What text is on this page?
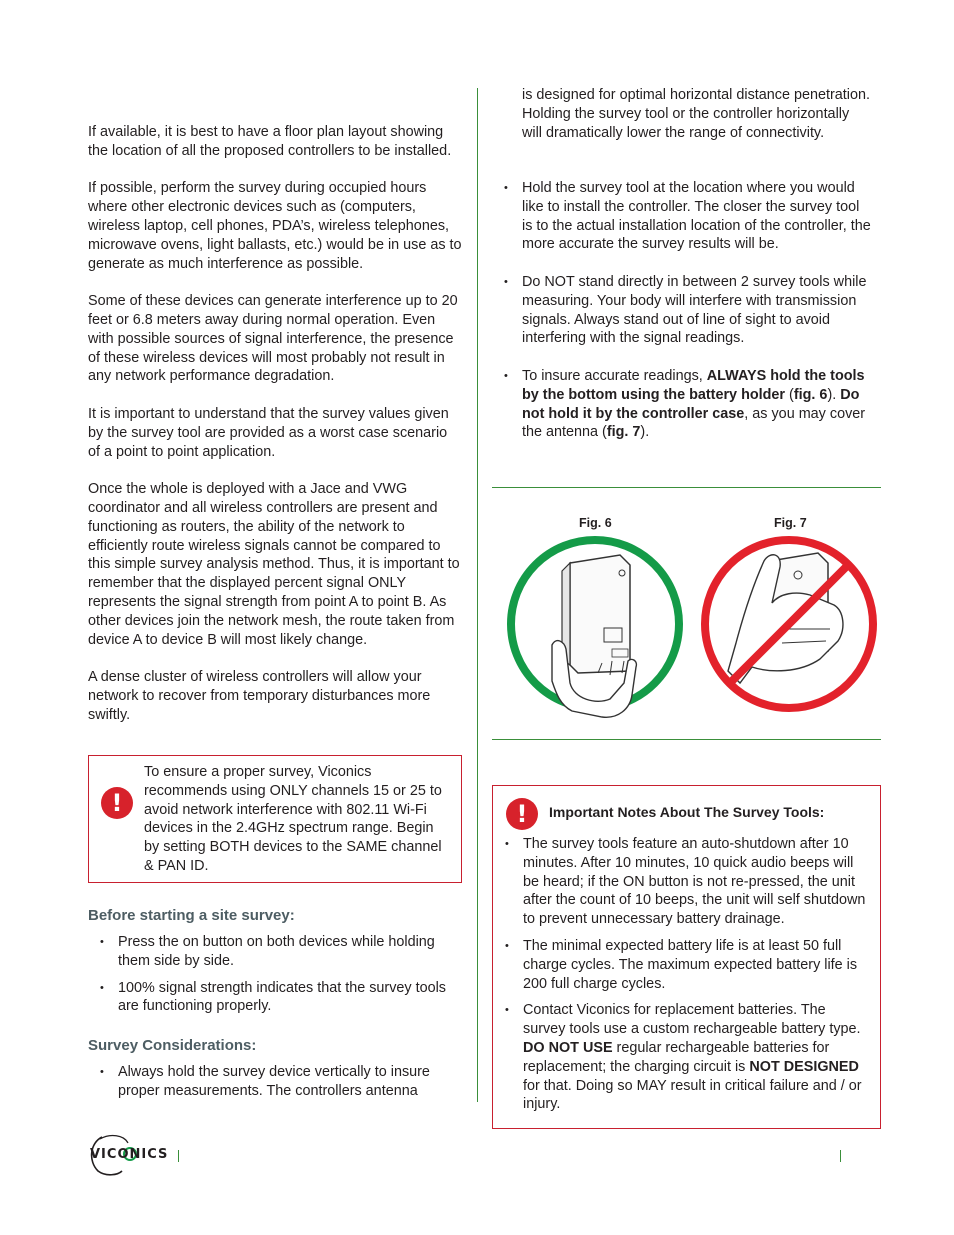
If available, it is best to have a floor plan layout showing the location of all the proposed controllers to be installed.

If possible, perform the survey during occupied hours where other electronic devices such as (computers, wireless laptop, cell phones, PDA’s, wireless telephones, microwave ovens, light ballasts, etc.) would be in use as to generate as much interference as possible.

Some of these devices can generate interference up to 20 feet or 6.8 meters away during normal operation. Even with possible sources of signal interference, the presence of these wireless devices will most probably not result in any network performance degradation.

It is important to understand that the survey values given by the survey tool are provided as a worst case scenario of a point to point application.

Once the whole is deployed with a Jace and VWG coordinator and all wireless controllers are present and functioning as routers, the ability of the network to efficiently route wireless signals cannot be compared to this simple survey analysis method. Thus, it is important to remember that the displayed percent signal ONLY represents the signal strength from point A to point B. As other devices join the network mesh, the route taken from device A to device B will most likely change.

A dense cluster of wireless controllers will allow your network to recover from temporary disturbances more swiftly.

!

To ensure a proper survey, Viconics recommends using ONLY channels 15 or 25 to avoid network interference with 802.11 Wi-Fi devices in the 2.4GHz spectrum range. Begin by setting BOTH devices to the SAME channel & PAN ID.

Before starting a site survey:
• Press the on button on both devices while holding them side by side.
• 100% signal strength indicates that the survey tools are functioning properly.
Survey Considerations:
• Always hold the survey device vertically to insure proper measurements. The controllers antenna

is designed for optimal horizontal distance penetration. Holding the survey tool or the controller horizontally will dramatically lower the range of connectivity.

• Hold the survey tool at the location where you would like to install the controller. The closer the survey tool is to the actual installation location of the controller, the more accurate the survey results will be.
• Do NOT stand directly in between 2 survey tools while measuring. Your body will interfere with transmission signals. Always stand out of line of sight to avoid interfering with the signal readings.
• To insure accurate readings, ALWAYS hold the tools by the bottom using the battery holder (fig. 6). Do not hold it by the controller case, as you may cover the antenna (fig. 7).
Fig. 6	Fig. 7
!	Important Notes About The Survey Tools:
• The survey tools feature an auto-shutdown after 10 minutes. After 10 minutes, 10 quick audio beeps will be heard; if the ON button is not re-pressed, the unit after the count of 10 beeps, the unit will self shutdown to prevent unnecessary battery drainage.
• The minimal expected battery life is at least 50 full charge cycles. The maximum expected battery life is 200 full charge cycles.
• Contact Viconics for replacement batteries. The survey tools use a custom rechargeable battery type. DO NOT USE regular rechargeable batteries for replacement; the charging circuit is NOT DESIGNED for that. Doing so MAY result in critical failure and / or injury.
VICONICS
